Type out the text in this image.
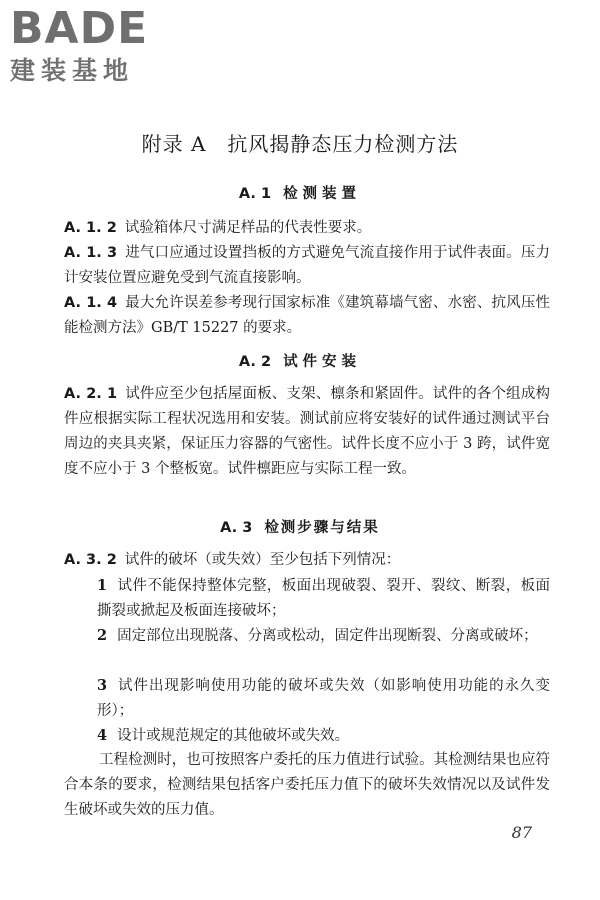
BADE
建装基地
附录 A　抗风揭静态压力检测方法
A. 1 检测装置
A. 1. 2 试验箱体尺寸满足样品的代表性要求。
A. 1. 3 进气口应通过设置挡板的方式避免气流直接作用于试件表面。压力计安装位置应避免受到气流直接影响。
A. 1. 4 最大允许误差参考现行国家标准《建筑幕墙气密、水密、抗风压性能检测方法》GB/T 15227 的要求。
A. 2 试件安装
A. 2. 1 试件应至少包括屋面板、支架、檩条和紧固件。试件的各个组成构件应根据实际工程状况选用和安装。测试前应将安装好的试件通过测试平台周边的夹具夹紧，保证压力容器的气密性。试件长度不应小于 3 跨，试件宽度不应小于 3 个整板宽。试件檩距应与实际工程一致。
A. 3 检测步骤与结果
A. 3. 2 试件的破坏（或失效）至少包括下列情况：
1 试件不能保持整体完整，板面出现破裂、裂开、裂纹、断裂，板面撕裂或掀起及板面连接破坏；
2 固定部位出现脱落、分离或松动，固定件出现断裂、分离或破坏；
3 试件出现影响使用功能的破坏或失效（如影响使用功能的永久变形）；
4 设计或规范规定的其他破坏或失效。
工程检测时，也可按照客户委托的压力值进行试验。其检测结果也应符合本条的要求，检测结果包括客户委托压力值下的破坏失效情况以及试件发生破坏或失效的压力值。
87
